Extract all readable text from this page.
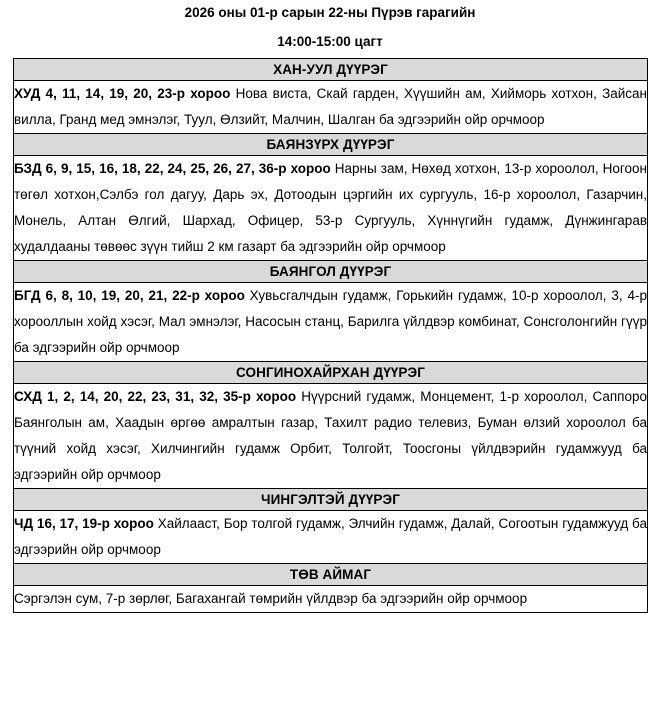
2026 оны 01-р сарын 22-ны Пүрэв гарагийн
14:00-15:00 цагт
ХАН-УУЛ ДҮҮРЭГ
ХУД 4, 11, 14, 19, 20, 23-р хороо Нова виста, Скай гарден, Хүүшийн ам, Хийморь хотхон, Зайсан вилла, Гранд мед эмнэлэг, Туул, Өлзийт, Малчин, Шалган ба эдгээрийн ойр орчмоор
БАЯНЗҮРХ ДҮҮРЭГ
БЗД 6, 9, 15, 16, 18, 22, 24, 25, 26, 27, 36-р хороо Нарны зам, Нөхөд хотхон, 13-р хороолол, Ногоон төгөл хотхон,Сэлбэ гол дагуу, Дарь эх, Дотоодын цэргийн их сургууль, 16-р хороолол, Газарчин, Монель, Алтан Өлгий, Шархад, Офицер, 53-р Сургууль, Хүннүгийн гудамж, Дүнжингарав худалдааны төвөөс зүүн тийш 2 км газарт ба эдгээрийн ойр орчмоор
БАЯНГОЛ ДҮҮРЭГ
БГД 6, 8, 10, 19, 20, 21, 22-р хороо Хувьсгалчдын гудамж, Горькийн гудамж, 10-р хороолол, 3, 4-р хорооллын хойд хэсэг, Мал эмнэлэг, Насосын станц, Барилга үйлдвэр комбинат, Сонсголонгийн гүүр ба эдгээрийн ойр орчмоор
СОНГИНОХАЙРХАН ДҮҮРЭГ
СХД 1, 2, 14, 20, 22, 23, 31, 32, 35-р хороо Нүүрсний гудамж, Монцемент, 1-р хороолол, Саппоро Баянголын ам, Хаадын өргөө амралтын газар, Тахилт радио телевиз, Буман өлзий хороолол ба түүний хойд хэсэг, Хилчингийн гудамж Орбит, Толгойт, Тоосгоны үйлдвэрийн гудамжууд ба эдгээрийн ойр орчмоор
ЧИНГЭЛТЭЙ ДҮҮРЭГ
ЧД 16, 17, 19-р хороо Хайлааст, Бор толгой гудамж, Элчийн гудамж, Далай, Согоотын гудамжууд ба эдгээрийн ойр орчмоор
ТӨВ АЙМАГ
Сэргэлэн сум, 7-р зөрлөг, Багахангай төмрийн үйлдвэр ба эдгээрийн ойр орчмоор
